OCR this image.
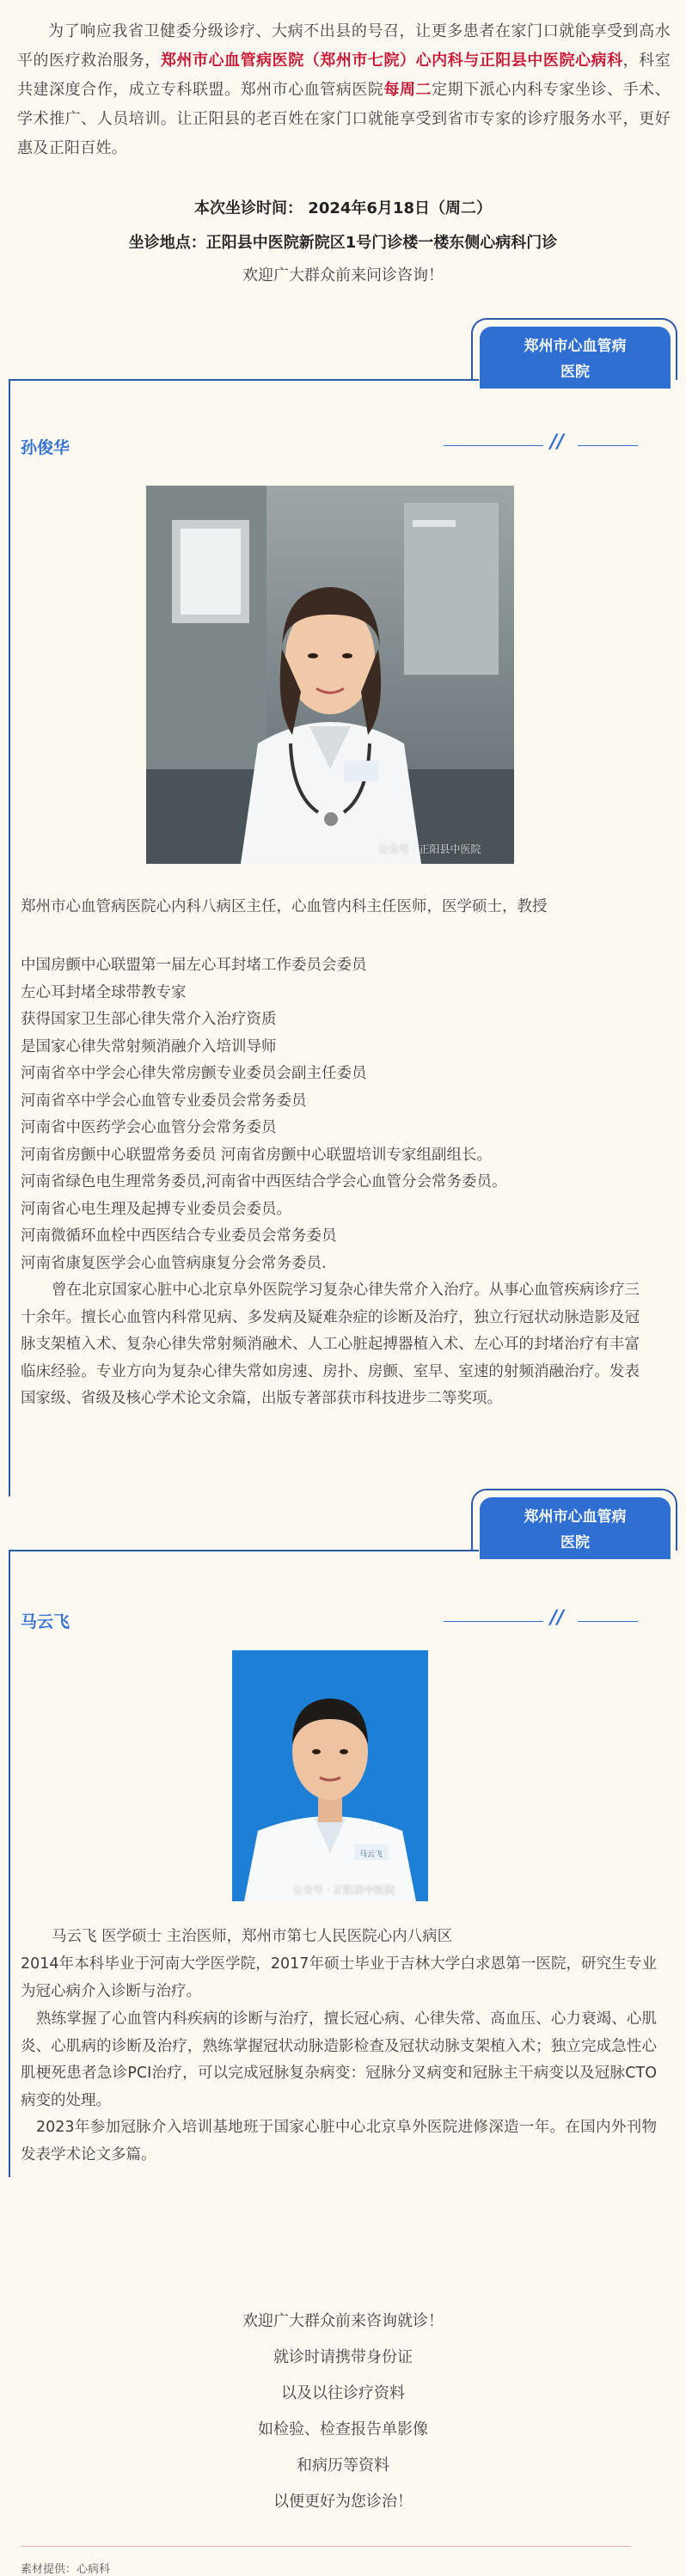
为了响应我省卫健委分级诊疗、大病不出县的号召，让更多患者在家门口就能享受到高水平的医疗救治服务，郑州市心血管病医院（郑州市七院）心内科与正阳县中医院心病科，科室共建深度合作，成立专科联盟。郑州市心血管病医院每周二定期下派心内科专家坐诊、手术、学术推广、人员培训。让正阳县的老百姓在家门口就能享受到省市专家的诊疗服务水平，更好惠及正阳百姓。

本次坐诊时间： 2024年6月18日（周二）
坐诊地点：正阳县中医院新院区1号门诊楼一楼东侧心病科门诊
欢迎广大群众前来问诊咨询！
郑州市心血管病
医院
孙俊华	//
公众号 · 正阳县中医院
郑州市心血管病医院心内科八病区主任，心血管内科主任医师，医学硕士，教授
中国房颤中心联盟第一届左心耳封堵工作委员会委员
左心耳封堵全球带教专家
获得国家卫生部心律失常介入治疗资质
是国家心律失常射频消融介入培训导师
河南省卒中学会心律失常房颤专业委员会副主任委员
河南省卒中学会心血管专业委员会常务委员
河南省中医药学会心血管分会常务委员
河南省房颤中心联盟常务委员 河南省房颤中心联盟培训专家组副组长。
河南省绿色电生理常务委员,河南省中西医结合学会心血管分会常务委员。
河南省心电生理及起搏专业委员会委员。
河南微循环血栓中西医结合专业委员会常务委员
河南省康复医学会心血管病康复分会常务委员.
曾在北京国家心脏中心北京阜外医院学习复杂心律失常介入治疗。从事心血管疾病诊疗三十余年。擅长心血管内科常见病、多发病及疑难杂症的诊断及治疗，独立行冠状动脉造影及冠脉支架植入术、复杂心律失常射频消融术、人工心脏起搏器植入术、左心耳的封堵治疗有丰富临床经验。专业方向为复杂心律失常如房速、房扑、房颤、室早、室速的射频消融治疗。发表国家级、省级及核心学术论文余篇，出版专著部获市科技进步二等奖项。
郑州市心血管病
医院
马云飞	//
公众号 · 正阳县中医院
马云飞
马云飞 医学硕士 主治医师，郑州市第七人民医院心内八病区
2014年本科毕业于河南大学医学院，2017年硕士毕业于吉林大学白求恩第一医院，研究生专业为冠心病介入诊断与治疗。
熟练掌握了心血管内科疾病的诊断与治疗，擅长冠心病、心律失常、高血压、心力衰竭、心肌炎、心肌病的诊断及治疗，熟练掌握冠状动脉造影检查及冠状动脉支架植入术；独立完成急性心肌梗死患者急诊PCI治疗，可以完成冠脉复杂病变：冠脉分叉病变和冠脉主干病变以及冠脉CTO病变的处理。
2023年参加冠脉介入培训基地班于国家心脏中心北京阜外医院进修深造一年。在国内外刊物发表学术论文多篇。
欢迎广大群众前来咨询就诊！
就诊时请携带身份证
以及以往诊疗资料
如检验、检查报告单影像
和病历等资料
以便更好为您诊治！
素材提供：心病科
